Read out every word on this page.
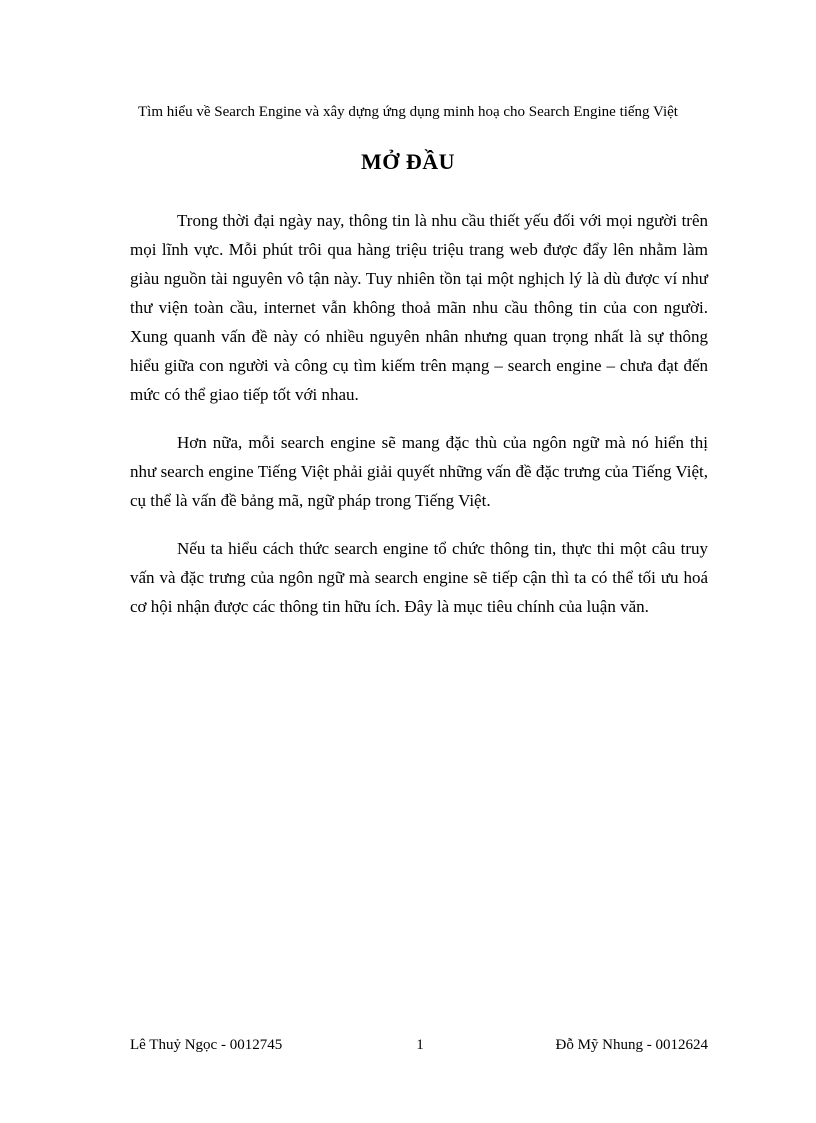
Tìm hiểu về Search Engine và xây dựng ứng dụng minh hoạ cho Search Engine tiếng Việt
MỞ ĐẦU

Trong thời đại ngày nay, thông tin là nhu cầu thiết yếu đối với mọi người trên mọi lĩnh vực. Mỗi phút trôi qua hàng triệu triệu trang web được đẩy lên nhằm làm giàu nguồn tài nguyên vô tận này. Tuy nhiên tồn tại một nghịch lý là dù được ví như thư viện toàn cầu, internet vẫn không thoả mãn nhu cầu thông tin của con người. Xung quanh vấn đề này có nhiều nguyên nhân nhưng quan trọng nhất là sự thông hiểu giữa con người và công cụ tìm kiếm trên mạng – search engine – chưa đạt đến mức có thể giao tiếp tốt với nhau.

Hơn nữa, mỗi search engine sẽ mang đặc thù của ngôn ngữ mà nó hiển thị như search engine Tiếng Việt phải giải quyết những vấn đề đặc trưng của Tiếng Việt, cụ thể là vấn đề bảng mã, ngữ pháp trong Tiếng Việt.

Nếu ta hiểu cách thức search engine tổ chức thông tin, thực thi một câu truy vấn và đặc trưng của ngôn ngữ mà search engine sẽ tiếp cận thì ta có thể tối ưu hoá cơ hội nhận được các thông tin hữu ích. Đây là mục tiêu chính của luận văn.

Lê Thuỷ Ngọc - 0012745	1	Đỗ Mỹ Nhung - 0012624
